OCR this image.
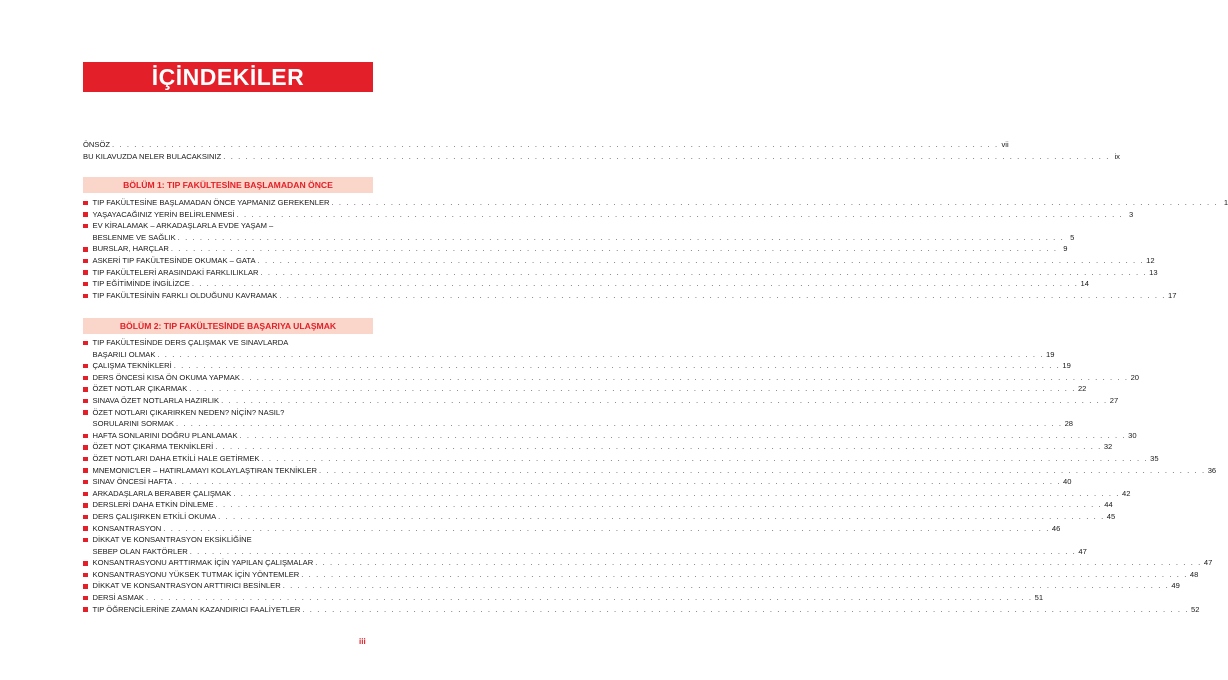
İÇİNDEKİLER
ÖNSÖZ . . . . . . . . . . . . . . . . . . . . . . . . . . . . . . . . . . . . . . . . . . . . . . . . . . . . . . . . . . . . . . . . . . . . . . . . . . . . . . . . . . . . . . . . . . . . . . . . . . . . . . . . . . . . . . . . . . . . . . . . vii
BU KILAVUZDA NELER BULACAKSINIZ . . . . . . . . . . . . . . . . . . . . . . . . . . . . . . . . . . . . . . . . . . . . . . . . . . . . . . . . . . . . . . . . . . . . . . . . . . . . . . . . . . . . . . . . . . . . . . . . . . . . . . . . . . . . . . . . . . . . . . . . ix
BÖLÜM 1: TIP FAKÜLTESİNE BAŞLAMADAN ÖNCE
TIP FAKÜLTESİNE BAŞLAMADAN ÖNCE YAPMANIZ GEREKENLER . . . . . . . . . . . . . . . . . . . . . . . . . . . . . . . . . . . . . . . . . . . . . . . . . . . . . . . . . . . . . . . . . . . . . . . . . . . . . . . . . . . . . . . . . . . . . . . . . . . . . . . . . . . . . . . . . . . . . . . . 1
YAŞAYACAĞINIZ YERİN BELİRLENMESİ . . . . . . . . . . . . . . . . . . . . . . . . . . . . . . . . . . . . . . . . . . . . . . . . . . . . . . . . . . . . . . . . . . . . . . . . . . . . . . . . . . . . . . . . . . . . . . . . . . . . . . . . . . . . . . . . . . . . . . . . 3
EV KİRALAMAK – ARKADAŞLARLA EVDE YAŞAM –
BESLENME VE SAĞLIK . . . . . . . . . . . . . . . . . . . . . . . . . . . . . . . . . . . . . . . . . . . . . . . . . . . . . . . . . . . . . . . . . . . . . . . . . . . . . . . . . . . . . . . . . . . . . . . . . . . . . . . . . . . . . . . . . . . . . . . . 5
BURSLAR, HARÇLAR . . . . . . . . . . . . . . . . . . . . . . . . . . . . . . . . . . . . . . . . . . . . . . . . . . . . . . . . . . . . . . . . . . . . . . . . . . . . . . . . . . . . . . . . . . . . . . . . . . . . . . . . . . . . . . . . . . . . . . . . 9
ASKERİ TIP FAKÜLTESİNDE OKUMAK – GATA . . . . . . . . . . . . . . . . . . . . . . . . . . . . . . . . . . . . . . . . . . . . . . . . . . . . . . . . . . . . . . . . . . . . . . . . . . . . . . . . . . . . . . . . . . . . . . . . . . . . . . . . . . . . . . . . . . . . . . . . 12
TIP FAKÜLTELERİ ARASINDAKİ FARKLILIKLAR . . . . . . . . . . . . . . . . . . . . . . . . . . . . . . . . . . . . . . . . . . . . . . . . . . . . . . . . . . . . . . . . . . . . . . . . . . . . . . . . . . . . . . . . . . . . . . . . . . . . . . . . . . . . . . . . . . . . . . . . 13
TIP EĞİTİMİNDE İNGİLİZCE . . . . . . . . . . . . . . . . . . . . . . . . . . . . . . . . . . . . . . . . . . . . . . . . . . . . . . . . . . . . . . . . . . . . . . . . . . . . . . . . . . . . . . . . . . . . . . . . . . . . . . . . . . . . . . . . . . . . . . . . 14
TIP FAKÜLTESİNİN FARKLI OLDUĞUNU KAVRAMAK . . . . . . . . . . . . . . . . . . . . . . . . . . . . . . . . . . . . . . . . . . . . . . . . . . . . . . . . . . . . . . . . . . . . . . . . . . . . . . . . . . . . . . . . . . . . . . . . . . . . . . . . . . . . . . . . . . . . . . . . 17
BÖLÜM 2: TIP FAKÜLTESİNDE BAŞARIYA ULAŞMAK
TIP FAKÜLTESİNDE DERS ÇALIŞMAK VE SINAVLARDA
BAŞARILI OLMAK . . . . . . . . . . . . . . . . . . . . . . . . . . . . . . . . . . . . . . . . . . . . . . . . . . . . . . . . . . . . . . . . . . . . . . . . . . . . . . . . . . . . . . . . . . . . . . . . . . . . . . . . . . . . . . . . . . . . . . . . 19
ÇALIŞMA TEKNİKLERİ . . . . . . . . . . . . . . . . . . . . . . . . . . . . . . . . . . . . . . . . . . . . . . . . . . . . . . . . . . . . . . . . . . . . . . . . . . . . . . . . . . . . . . . . . . . . . . . . . . . . . . . . . . . . . . . . . . . . . . . . 19
DERS ÖNCESİ KISA ÖN OKUMA YAPMAK . . . . . . . . . . . . . . . . . . . . . . . . . . . . . . . . . . . . . . . . . . . . . . . . . . . . . . . . . . . . . . . . . . . . . . . . . . . . . . . . . . . . . . . . . . . . . . . . . . . . . . . . . . . . . . . . . . . . . . . . 20
ÖZET NOTLAR ÇIKARMAK . . . . . . . . . . . . . . . . . . . . . . . . . . . . . . . . . . . . . . . . . . . . . . . . . . . . . . . . . . . . . . . . . . . . . . . . . . . . . . . . . . . . . . . . . . . . . . . . . . . . . . . . . . . . . . . . . . . . . . . . 22
SINAVA ÖZET NOTLARLA HAZIRLIK . . . . . . . . . . . . . . . . . . . . . . . . . . . . . . . . . . . . . . . . . . . . . . . . . . . . . . . . . . . . . . . . . . . . . . . . . . . . . . . . . . . . . . . . . . . . . . . . . . . . . . . . . . . . . . . . . . . . . . . . 27
ÖZET NOTLARI ÇIKARIRKEN NEDEN? NİÇİN? NASIL?
SORULARINI SORMAK . . . . . . . . . . . . . . . . . . . . . . . . . . . . . . . . . . . . . . . . . . . . . . . . . . . . . . . . . . . . . . . . . . . . . . . . . . . . . . . . . . . . . . . . . . . . . . . . . . . . . . . . . . . . . . . . . . . . . . . . 28
HAFTA SONLARINI DOĞRU PLANLAMAK . . . . . . . . . . . . . . . . . . . . . . . . . . . . . . . . . . . . . . . . . . . . . . . . . . . . . . . . . . . . . . . . . . . . . . . . . . . . . . . . . . . . . . . . . . . . . . . . . . . . . . . . . . . . . . . . . . . . . . . . 30
ÖZET NOT ÇIKARMA TEKNİKLERİ . . . . . . . . . . . . . . . . . . . . . . . . . . . . . . . . . . . . . . . . . . . . . . . . . . . . . . . . . . . . . . . . . . . . . . . . . . . . . . . . . . . . . . . . . . . . . . . . . . . . . . . . . . . . . . . . . . . . . . . . 32
ÖZET NOTLARI DAHA ETKİLİ HALE GETİRMEK . . . . . . . . . . . . . . . . . . . . . . . . . . . . . . . . . . . . . . . . . . . . . . . . . . . . . . . . . . . . . . . . . . . . . . . . . . . . . . . . . . . . . . . . . . . . . . . . . . . . . . . . . . . . . . . . . . . . . . . . 35
MNEMONIC'LER – HATIRLAMAYI KOLAYLAŞTIRAN TEKNİKLER . . . . . . . . . . . . . . . . . . . . . . . . . . . . . . . . . . . . . . . . . . . . . . . . . . . . . . . . . . . . . . . . . . . . . . . . . . . . . . . . . . . . . . . . . . . . . . . . . . . . . . . . . . . . . . . . . . . . . . . . 36
SINAV ÖNCESİ HAFTA . . . . . . . . . . . . . . . . . . . . . . . . . . . . . . . . . . . . . . . . . . . . . . . . . . . . . . . . . . . . . . . . . . . . . . . . . . . . . . . . . . . . . . . . . . . . . . . . . . . . . . . . . . . . . . . . . . . . . . . . 40
ARKADAŞLARLA BERABER ÇALIŞMAK . . . . . . . . . . . . . . . . . . . . . . . . . . . . . . . . . . . . . . . . . . . . . . . . . . . . . . . . . . . . . . . . . . . . . . . . . . . . . . . . . . . . . . . . . . . . . . . . . . . . . . . . . . . . . . . . . . . . . . . . 42
DERSLERİ DAHA ETKİN DİNLEME . . . . . . . . . . . . . . . . . . . . . . . . . . . . . . . . . . . . . . . . . . . . . . . . . . . . . . . . . . . . . . . . . . . . . . . . . . . . . . . . . . . . . . . . . . . . . . . . . . . . . . . . . . . . . . . . . . . . . . . . 44
DERS ÇALIŞIRKEN ETKİLİ OKUMA . . . . . . . . . . . . . . . . . . . . . . . . . . . . . . . . . . . . . . . . . . . . . . . . . . . . . . . . . . . . . . . . . . . . . . . . . . . . . . . . . . . . . . . . . . . . . . . . . . . . . . . . . . . . . . . . . . . . . . . . 45
KONSANTRASYON . . . . . . . . . . . . . . . . . . . . . . . . . . . . . . . . . . . . . . . . . . . . . . . . . . . . . . . . . . . . . . . . . . . . . . . . . . . . . . . . . . . . . . . . . . . . . . . . . . . . . . . . . . . . . . . . . . . . . . . . 46
DİKKAT VE KONSANTRASYON EKSİKLİĞİNE
SEBEP OLAN FAKTÖRLER . . . . . . . . . . . . . . . . . . . . . . . . . . . . . . . . . . . . . . . . . . . . . . . . . . . . . . . . . . . . . . . . . . . . . . . . . . . . . . . . . . . . . . . . . . . . . . . . . . . . . . . . . . . . . . . . . . . . . . . . 47
KONSANTRASYONU ARTTIRMAK İÇİN YAPILAN ÇALIŞMALAR . . . . . . . . . . . . . . . . . . . . . . . . . . . . . . . . . . . . . . . . . . . . . . . . . . . . . . . . . . . . . . . . . . . . . . . . . . . . . . . . . . . . . . . . . . . . . . . . . . . . . . . . . . . . . . . . . . . . . . . . 47
KONSANTRASYONU YÜKSEK TUTMAK İÇİN YÖNTEMLER . . . . . . . . . . . . . . . . . . . . . . . . . . . . . . . . . . . . . . . . . . . . . . . . . . . . . . . . . . . . . . . . . . . . . . . . . . . . . . . . . . . . . . . . . . . . . . . . . . . . . . . . . . . . . . . . . . . . . . . . 48
DİKKAT VE KONSANTRASYON ARTTIRICI BESİNLER . . . . . . . . . . . . . . . . . . . . . . . . . . . . . . . . . . . . . . . . . . . . . . . . . . . . . . . . . . . . . . . . . . . . . . . . . . . . . . . . . . . . . . . . . . . . . . . . . . . . . . . . . . . . . . . . . . . . . . . . 49
DERSİ ASMAK . . . . . . . . . . . . . . . . . . . . . . . . . . . . . . . . . . . . . . . . . . . . . . . . . . . . . . . . . . . . . . . . . . . . . . . . . . . . . . . . . . . . . . . . . . . . . . . . . . . . . . . . . . . . . . . . . . . . . . . . 51
TIP ÖĞRENCİLERİNE ZAMAN KAZANDIRICI FAALİYETLER . . . . . . . . . . . . . . . . . . . . . . . . . . . . . . . . . . . . . . . . . . . . . . . . . . . . . . . . . . . . . . . . . . . . . . . . . . . . . . . . . . . . . . . . . . . . . . . . . . . . . . . . . . . . . . . . . . . . . . . . 52
iii
